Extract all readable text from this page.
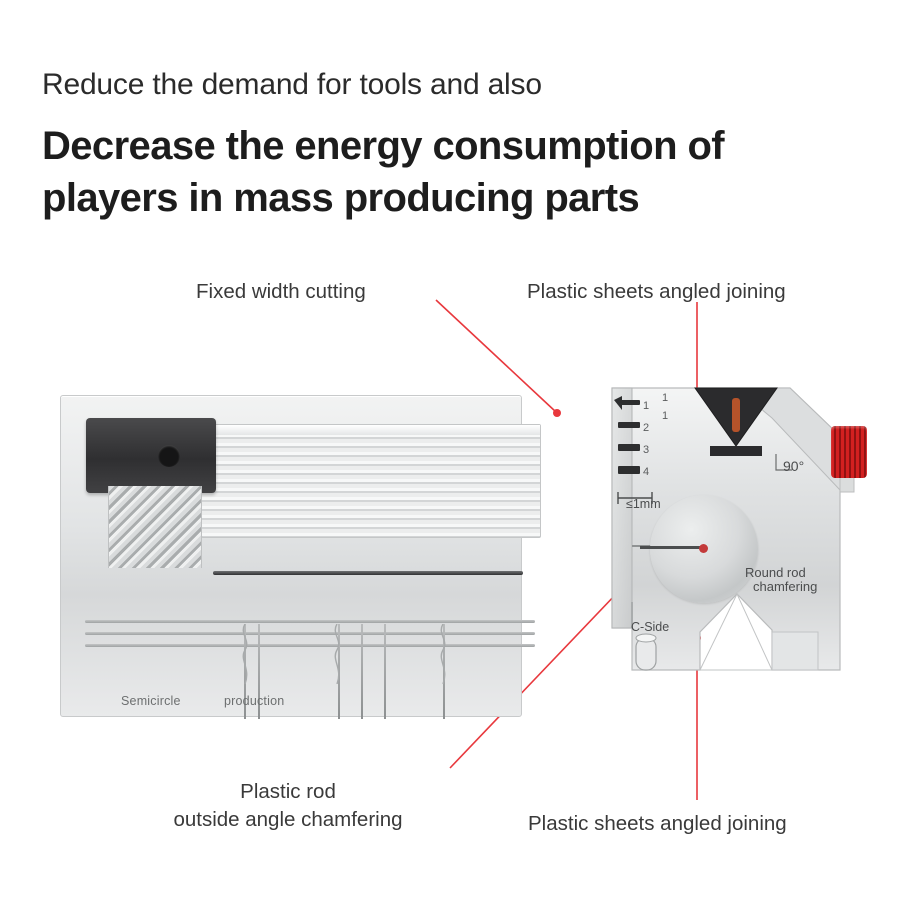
Reduce the demand for tools and also
Decrease the energy consumption of
players in mass producing parts
Fixed width cutting	Plastic sheets angled joining
Plastic rod
outside angle chamfering	Plastic sheets angled joining
Semicircle	production
90°
≤1mm
Round rod
chamfering
C-Side
1
2
3
4
1
1
